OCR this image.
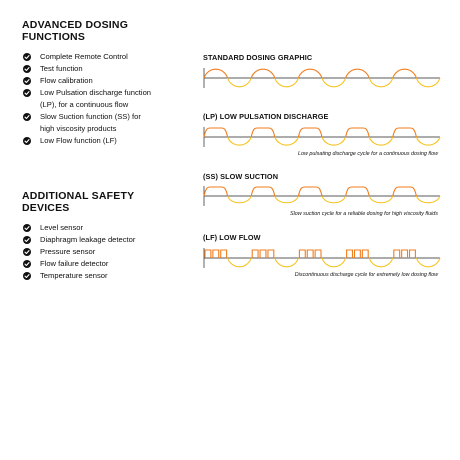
ADVANCED DOSING
FUNCTIONS
Complete Remote Control
Test function
Flow calibration
Low Pulsation discharge function
(LP), for a continuous flow
Slow Suction function (SS) for
high viscosity products
Low Flow function (LF)
ADDITIONAL SAFETY
DEVICES
Level sensor
Diaphragm leakage detector
Pressure sensor
Flow failure detector
Temperature sensor
STANDARD DOSING GRAPHIC
(LP) LOW PULSATION DISCHARGE
Low pulsating discharge cycle for a continuous dosing flow
(SS) SLOW SUCTION
Slow suction cycle for a reliable dosing for high viscosity fluids
(LF) LOW FLOW
Discontinuous discharge cycle for extremely low dosing flow
